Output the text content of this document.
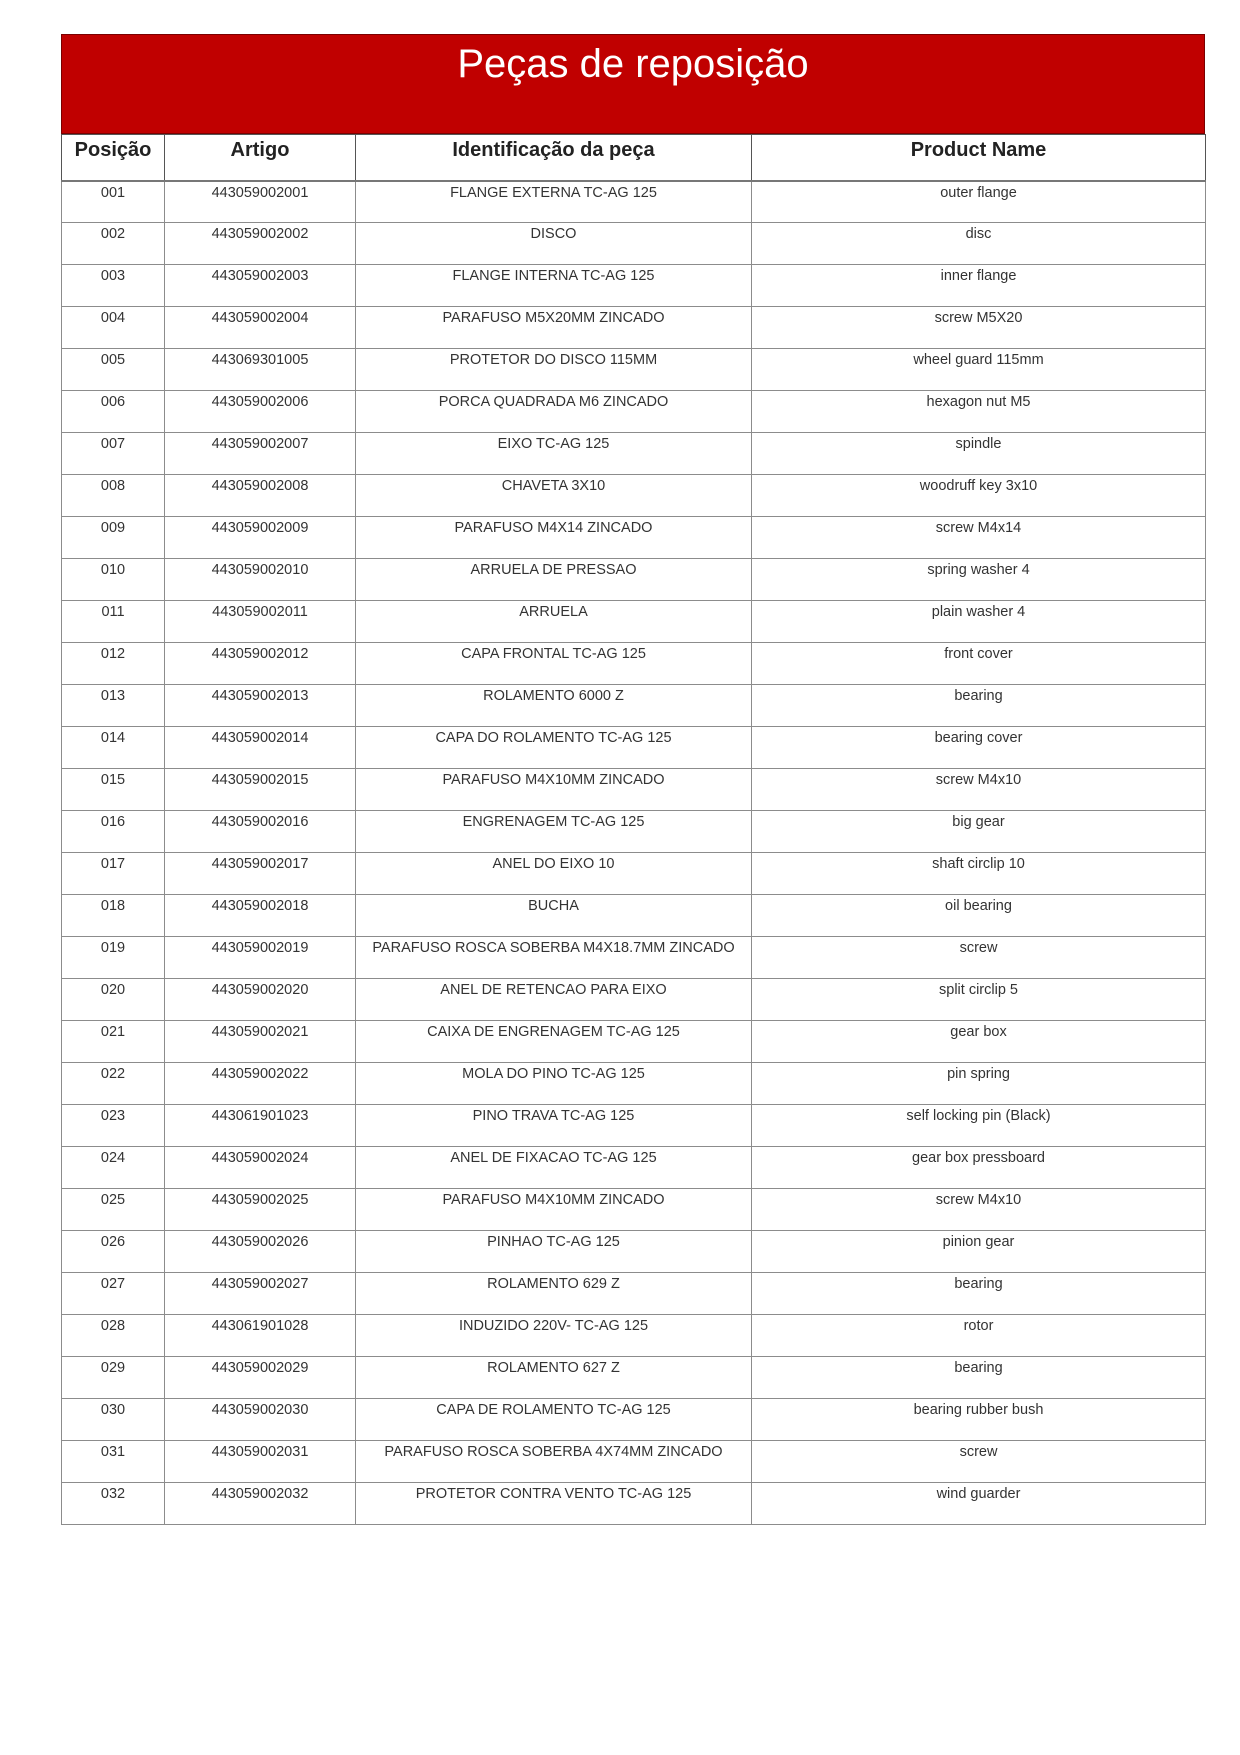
Peças de reposição
Posição	Artigo	Identificação da peça	Product Name
001	443059002001	FLANGE EXTERNA TC-AG 125	outer flange
002	443059002002	DISCO	disc
003	443059002003	FLANGE INTERNA TC-AG 125	inner flange
004	443059002004	PARAFUSO M5X20MM ZINCADO	screw M5X20
005	443069301005	PROTETOR DO DISCO 115MM	wheel guard 115mm
006	443059002006	PORCA QUADRADA M6 ZINCADO	hexagon nut M5
007	443059002007	EIXO TC-AG 125	spindle
008	443059002008	CHAVETA 3X10	woodruff key 3x10
009	443059002009	PARAFUSO M4X14 ZINCADO	screw M4x14
010	443059002010	ARRUELA DE PRESSAO	spring washer 4
011	443059002011	ARRUELA	plain washer 4
012	443059002012	CAPA FRONTAL TC-AG 125	front cover
013	443059002013	ROLAMENTO 6000 Z	bearing
014	443059002014	CAPA DO ROLAMENTO TC-AG 125	bearing cover
015	443059002015	PARAFUSO M4X10MM ZINCADO	screw M4x10
016	443059002016	ENGRENAGEM TC-AG 125	big gear
017	443059002017	ANEL DO EIXO 10	shaft circlip 10
018	443059002018	BUCHA	oil bearing
019	443059002019	PARAFUSO ROSCA SOBERBA M4X18.7MM ZINCADO	screw
020	443059002020	ANEL DE RETENCAO PARA EIXO	split circlip 5
021	443059002021	CAIXA DE ENGRENAGEM TC-AG 125	gear box
022	443059002022	MOLA DO PINO TC-AG 125	pin spring
023	443061901023	PINO TRAVA TC-AG 125	self locking pin (Black)
024	443059002024	ANEL DE FIXACAO TC-AG 125	gear box pressboard
025	443059002025	PARAFUSO M4X10MM ZINCADO	screw M4x10
026	443059002026	PINHAO TC-AG 125	pinion gear
027	443059002027	ROLAMENTO 629 Z	bearing
028	443061901028	INDUZIDO 220V- TC-AG 125	rotor
029	443059002029	ROLAMENTO 627 Z	bearing
030	443059002030	CAPA DE ROLAMENTO TC-AG 125	bearing rubber bush
031	443059002031	PARAFUSO ROSCA SOBERBA 4X74MM ZINCADO	screw
032	443059002032	PROTETOR CONTRA VENTO TC-AG 125	wind guarder
